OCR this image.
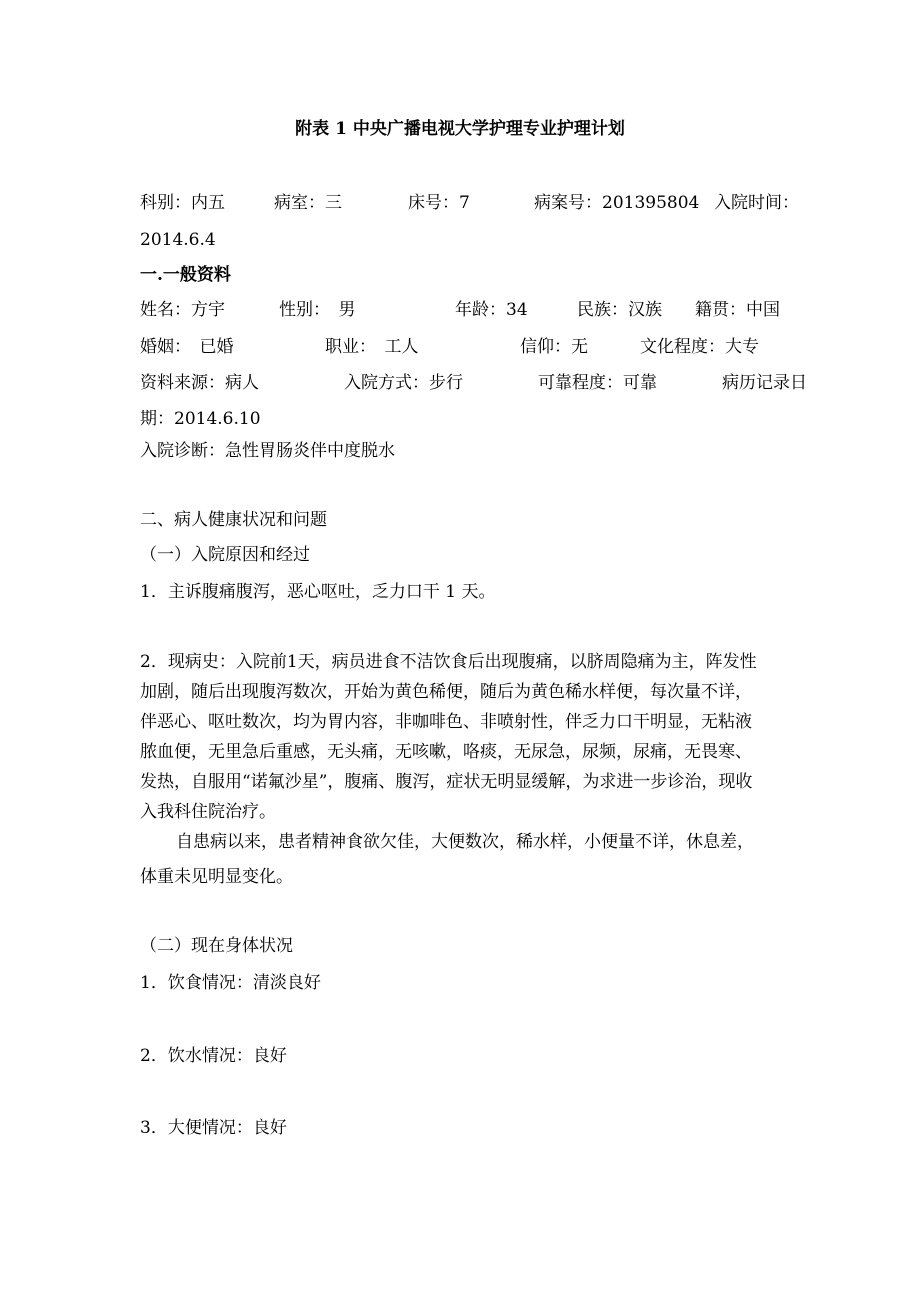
附表 1 中央广播电视大学护理专业护理计划
科别：内五	病室：三	床号：7	病案号：201395804 入院时间：
2014.6.4
一.一般资料
姓名：方宇	性别：　男	年龄：34	民族：汉族 籍贯：中国
婚姻：　已婚	职业：　工人	信仰：无	文化程度：大专
资料来源：病人	入院方式：步行	可靠程度：可靠	病历记录日
期：2014.6.10
入院诊断：急性胃肠炎伴中度脱水
二、病人健康状况和问题
（一）入院原因和经过
1．主诉腹痛腹泻，恶心呕吐，乏力口干 1 天。
2．现病史：入院前1天，病员进食不洁饮食后出现腹痛，以脐周隐痛为主，阵发性
加剧，随后出现腹泻数次，开始为黄色稀便，随后为黄色稀水样便，每次量不详，
伴恶心、呕吐数次，均为胃内容，非咖啡色、非喷射性，伴乏力口干明显，无粘液
脓血便，无里急后重感，无头痛，无咳嗽，咯痰，无尿急，尿频，尿痛，无畏寒、
发热，自服用“诺氟沙星”，腹痛、腹泻，症状无明显缓解，为求进一步诊治，现收
入我科住院治疗。
自患病以来，患者精神食欲欠佳，大便数次，稀水样，小便量不详，休息差，
体重未见明显变化。
（二）现在身体状况
1．饮食情况：清淡良好
2．饮水情况：良好
3．大便情况：良好
